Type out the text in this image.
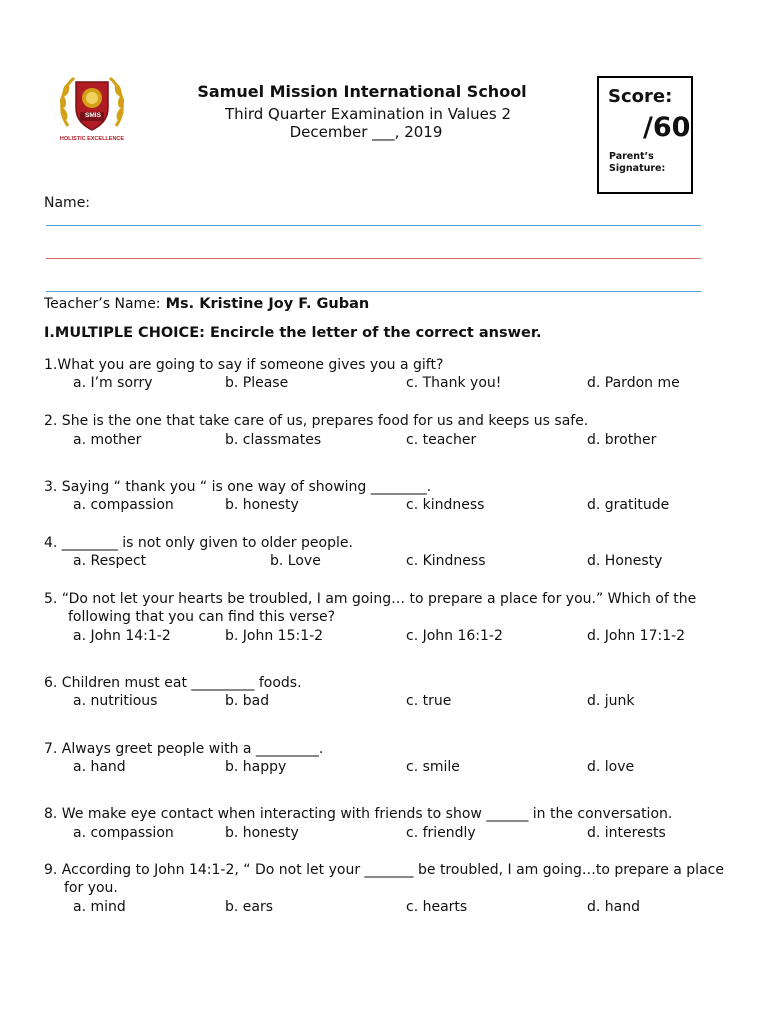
SMIS
HOLISTIC EXCELLENCE
Samuel Mission International School
Third Quarter Examination in Values 2
December ___, 2019
Score:
/60
Parent’s Signature:
Name:
Teacher’s Name: Ms. Kristine Joy F. Guban
I.MULTIPLE CHOICE: Encircle the letter of the correct answer.
1.What you are going to say if someone gives you a gift?
a. I’m sorry	b. Please	c. Thank you!	d. Pardon me
2. She is the one that take care of us, prepares food for us and keeps us safe.
a. mother	b. classmates	c. teacher	d. brother
3. Saying “ thank you “ is one way of showing ________.
a. compassion	b. honesty	c. kindness	d. gratitude
4. ________ is not only given to older people.
a. Respect	b. Love	c. Kindness	d. Honesty
5. “Do not let your hearts be troubled, I am going… to prepare a place for you.” Which of the
following that you can find this verse?
a. John 14:1-2	b. John 15:1-2	c. John 16:1-2	d. John 17:1-2
6. Children must eat _________ foods.
a. nutritious	b. bad	c. true	d. junk
7. Always greet people with a _________.
a. hand	b. happy	c. smile	d. love
8. We make eye contact when interacting with friends to show ______ in the conversation.
a. compassion	b. honesty	c. friendly	d. interests
9. According to John 14:1-2, “ Do not let your _______ be troubled, I am going…to prepare a place
for you.
a. mind	b. ears	c. hearts	d. hand
